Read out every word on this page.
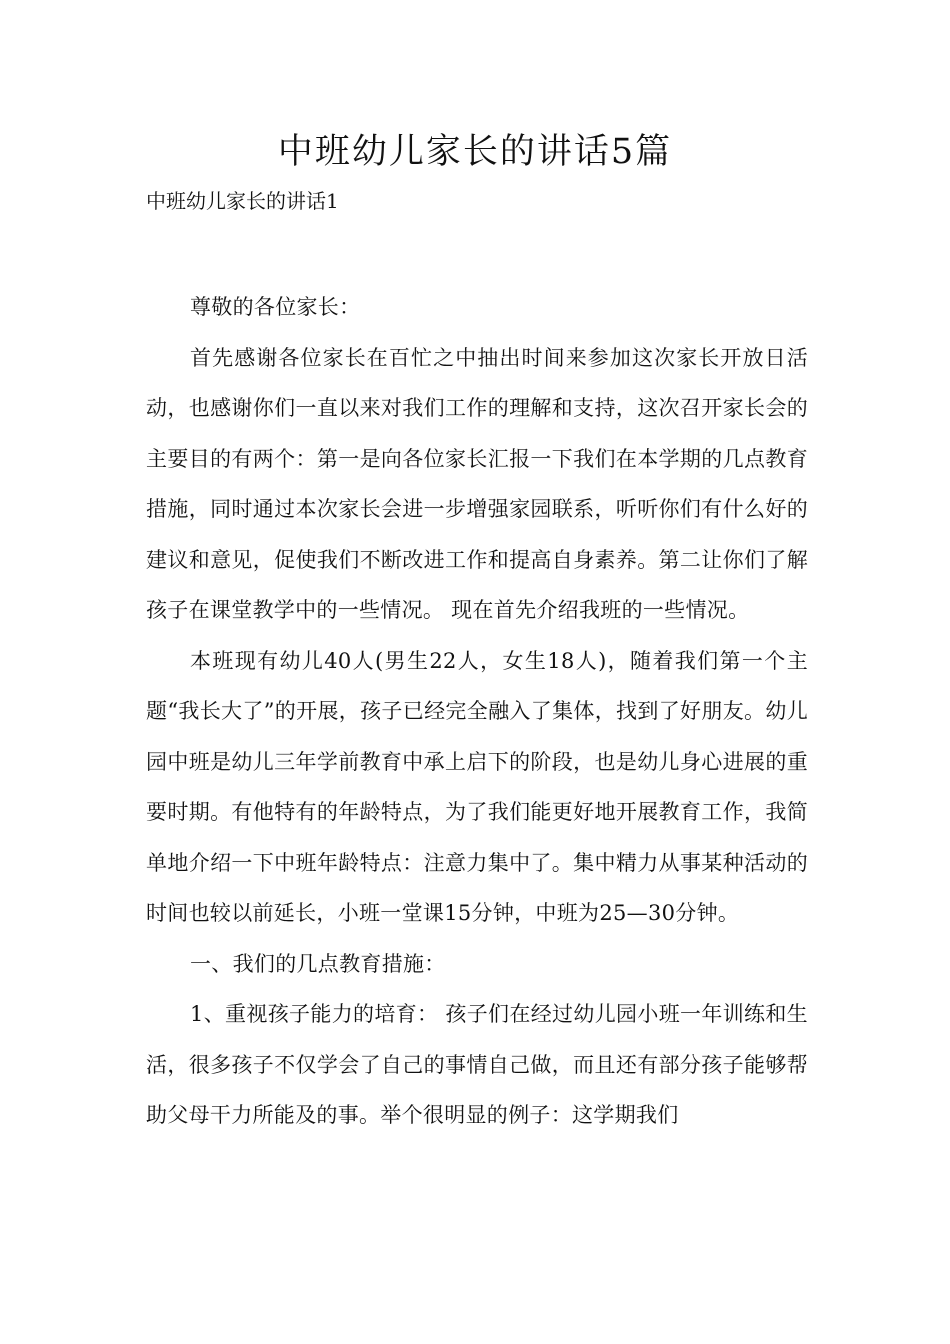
中班幼儿家长的讲话5篇

中班幼儿家长的讲话1

尊敬的各位家长：

首先感谢各位家长在百忙之中抽出时间来参加这次家长开放日活动，也感谢你们一直以来对我们工作的理解和支持，这次召开家长会的主要目的有两个：第一是向各位家长汇报一下我们在本学期的几点教育措施，同时通过本次家长会进一步增强家园联系，听听你们有什么好的建议和意见，促使我们不断改进工作和提高自身素养。第二让你们了解孩子在课堂教学中的一些情况。 现在首先介绍我班的一些情况。

本班现有幼儿40人(男生22人，女生18人)，随着我们第一个主题“我长大了”的开展，孩子已经完全融入了集体，找到了好朋友。幼儿园中班是幼儿三年学前教育中承上启下的阶段，也是幼儿身心进展的重要时期。有他特有的年龄特点，为了我们能更好地开展教育工作，我简单地介绍一下中班年龄特点：注意力集中了。集中精力从事某种活动的时间也较以前延长，小班一堂课15分钟，中班为25—30分钟。

一、我们的几点教育措施：

1、重视孩子能力的培育： 孩子们在经过幼儿园小班一年训练和生活，很多孩子不仅学会了自己的事情自己做，而且还有部分孩子能够帮助父母干力所能及的事。举个很明显的例子：这学期我们
